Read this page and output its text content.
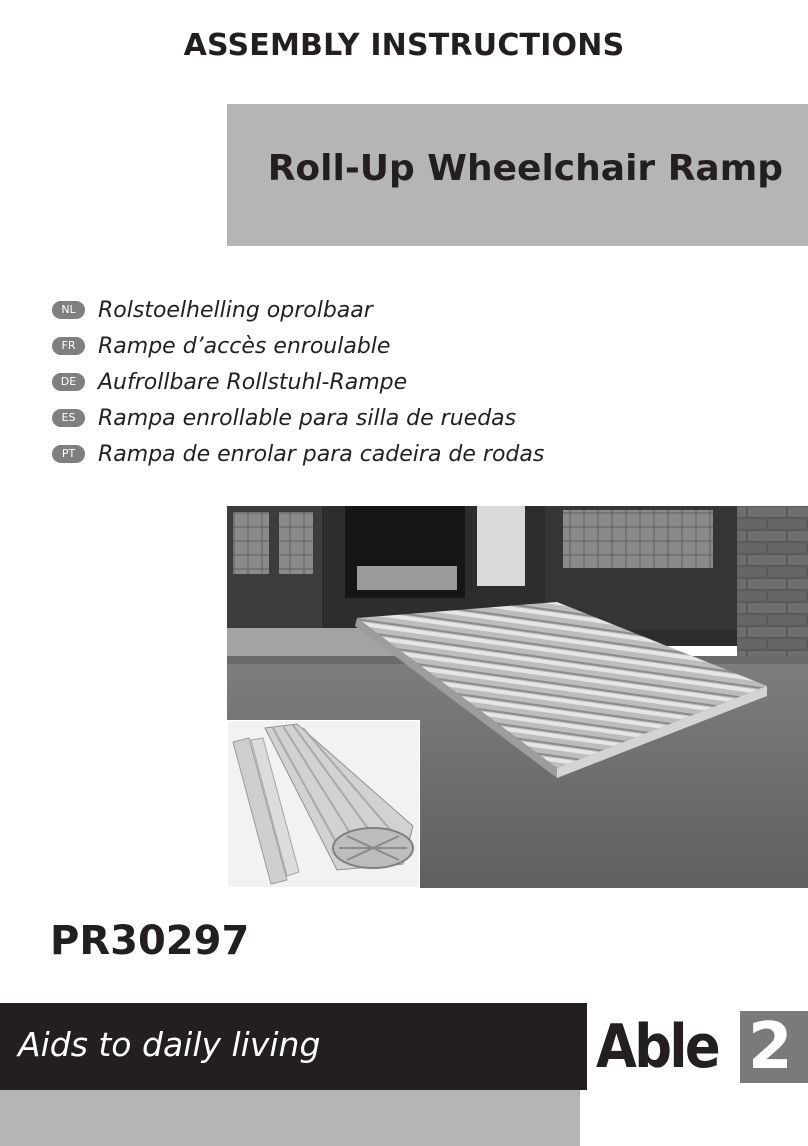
ASSEMBLY INSTRUCTIONS
Roll-Up Wheelchair Ramp
NL	Rolstoelhelling oprolbaar
FR	Rampe d’accès enroulable
DE Aufrollbare Rollstuhl-Rampe
ES	Rampa enrollable para silla de ruedas
PT	Rampa de enrolar para cadeira de rodas
PR30297
Aids to daily living	Able 2
